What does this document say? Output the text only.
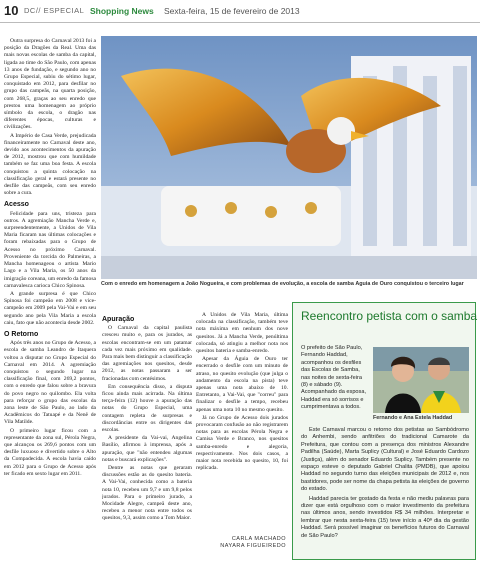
10 DC// ESPECIAL Shopping News Sexta-feira, 15 de fevereiro de 2013

Outra surpresa do Carnaval 2013 foi a posição da Dragões da Real. Uma das mais novas escolas de samba da capital, ligada ao time do São Paulo, com apenas 13 anos de fundação, e segundo ano no Grupo Especial, subiu do sétimo lugar, conquistado em 2012, para desfilar no grupo das campeãs, na quarta posição, com 268,5, graças ao seu enredo que prestou uma homenagem ao próprio símbolo da escola, o dragão nas diferentes épocas, culturas e civilizações.

A Império de Casa Verde, prejudicada financeiramente no Carnaval deste ano, devido aos acontecimentos da apuração de 2012, mostrou que com humildade também se faz uma boa festa. A escola conquistou a quinta colocação na classificação geral e estará presente no desfile das campeãs, com seu enredo sobre a cura.

Acesso

Felicidade para uns, tristeza para outros. A agremiação Mancha Verde e, surpreendentemente, a Unidos de Vila Maria ficaram nas últimas colocações e foram rebaixadas para o Grupo de Acesso no próximo Carnaval. Proveniente da torcida do Palmeiras, a Mancha homenageou o artista Mario Lago e a Vila Maria, os 50 anos da imigração coreana, um enredo da famosa carnavalesca carioca Chico Spinosa.

A grande surpresa é que Chico Spinosa foi campeão em 2008 e vice-campeão em 2009 pela Vai-Vai e em seu segundo ano pela Vila Maria a escola caiu, fato que não acontecia desde 2002.

O Retorno

Após três anos no Grupo de Acesso, a escola de samba Leandro de Itaquera voltou a disputar no Grupo Especial do Carnaval em 2014. A agremiação conquistou o segundo lugar na classificação final, com 269,2 pontos, com o enredo que falou sobre a bravura do povo negro no quilombo. Ela volta para reforçar o grupo das escolas da zona leste de São Paulo, ao lado da Acadêmicos do Tatuapé e da Nenê de Vila Matilde.

O primeiro lugar ficou com a representante da zona sul, Pérola Negra, que alcançou os 269,6 pontos com um desfile luxuoso e divertido sobre o Alto da Compadecida. A escola havia caído em 2012 para o Grupo de Acesso após ter ficado em sexto lugar em 2011.

Com o enredo em homenagem a João Nogueira, e com problemas de evolução, a escola de samba Águia de Ouro conquistou o terceiro lugar
Apuração

O Carnaval da capital paulista cresceu muito e, para os jurados, as escolas encontram-se em um patamar cada vez mais próximo em qualidade. Para mais bem distinguir a classificação das agremiações nos quesitos, desde 2012, as notas passaram a ser fracionadas com centésimos.

Em consequência disso, a disputa ficou ainda mais acirrada. Na última terça-feira (12) houve a apuração das notas do Grupo Especial, uma contagem repleta de surpresas e discordâncias entre os dirigentes das escolas.

A presidente da Vai-vai, Angelina Basílio, afirmou à imprensa, após a apuração, que "não entendeu algumas notas e buscará explicações".

Dentre as notas que geraram discussões estão as do quesito bateria. A Vai-Vai, conhecida como a bateria nota 10, recebeu um 9,7 e um 9,8 pelos jurados. Para o primeiro jurado, a Mocidade Alegre, campeã deste ano, recebeu a menor nota entre todos os quesitos, 9,3, assim como a Tom Maior.

A Unidos de Vila Maria, última colocada na classificação, também teve nota máxima em nenhum dos nove quesitos. Já a Mancha Verde, penúltima colocada, só atingiu a melhor nota nos quesitos bateria e samba-enredo.

Apesar da Águia de Ouro ter encerrado o desfile com um minuto de atraso, no quesito evolução (que julga o andamento da escola na pista) teve apenas uma nota abaixo de 10. Entretanto, a Vai-Vai, que "correu" para finalizar o desfile a tempo, recebeu apenas uma nota 10 no mesmo quesito.

Já no Grupo de Acesso dois jurados provocaram confusão ao não registrarem notas para as escolas Pérola Negra e Camisa Verde e Branco, nos quesitos samba-enredo e alegoria, respectivamente. Nos dois casos, a maior nota recebida no quesito, 10, foi replicada.

CARLA MACHADO
NAYARA FIGUEIREDO
Reencontro petista com o samba
O prefeito de São Paulo, Fernando Haddad, acompanhou os desfiles das Escolas de Samba, nas noites de sexta-feira (8) e sábado (9). Acompanhado da esposa, Haddad era só sorrisos e cumprimentava a todos.
Fernando e Ana Estela Haddad

Este Carnaval marcou o retorno dos petistas ao Sambódromo do Anhembi, sendo anfitriões do tradicional Camarote da Prefeitura, que contou com a presença dos ministros Alexandre Padilha (Saúde), Marta Suplicy (Cultural) e José Eduardo Cardozo (Justiça), além do senador Eduardo Suplicy. Também presente no espaço esteve o deputado Gabriel Chalita (PMDB), que apoiou Haddad no segundo turno das eleições municipais de 2012 e, nos bastidores, pode ser nome da chapa petista às eleições de governo do estado.

Haddad parecia ter gostado da festa e não mediu palavras para dizer que está orgulhoso com o maior investimento da prefeitura nas últimos anos, sendo investidos R$ 34 milhões. Interpretar e lembrar que nesta sexta-feira (15) teve início a 40ª dia da gestão Haddad. Será possível imaginar os benefícios futuros do Carnaval de São Paulo?
